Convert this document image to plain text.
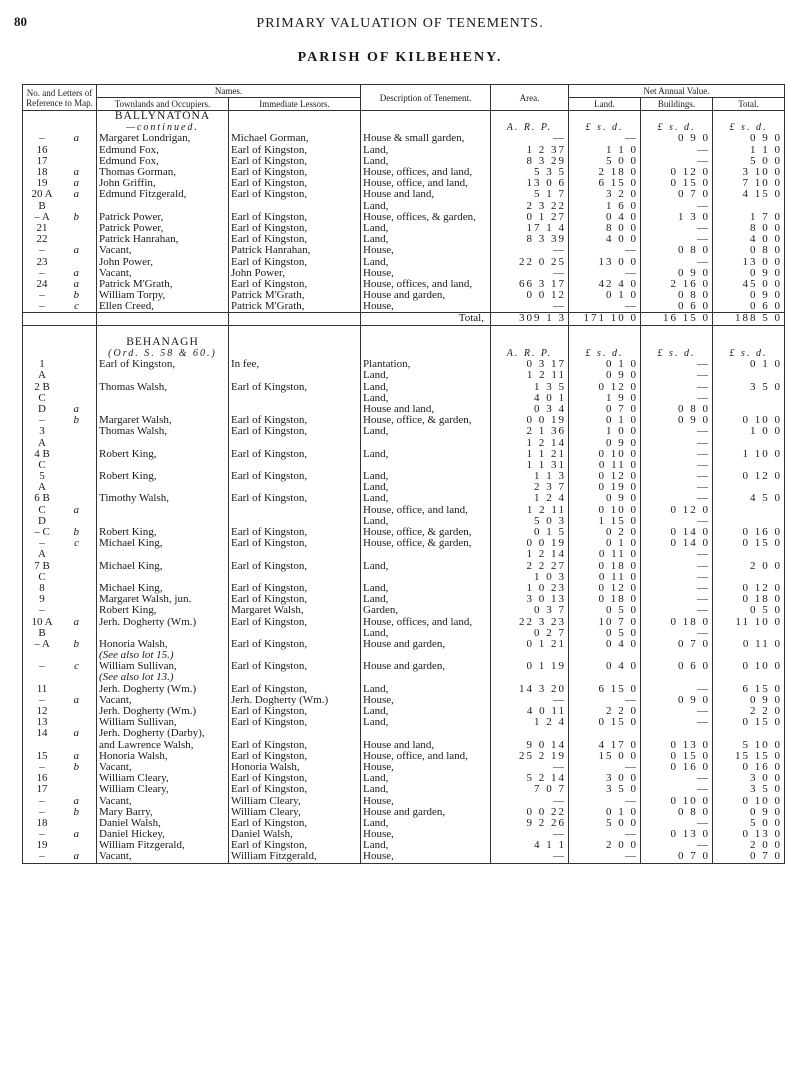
80	PRIMARY VALUATION OF TENEMENTS.
PARISH OF KILBEHENY.
No. and Letters of Reference to Map.	Names.		Description of Tenement.	Area.	Net Annual Value.		
	Townlands and Occupiers.	Immediate Lessors.			Land.	Buildings.	Total.
	BALLYNATONA						
	—continued.			A. R. P.	£ s. d.	£ s. d.	£ s. d.
– a	Margaret Londrigan,	Michael Gorman,	House & small garden,	—	—	0 9 0	0 9 0
16	Edmund Fox,	Earl of Kingston,	Land,	1 2 37	1 1 0	—	1 1 0
17	Edmund Fox,	Earl of Kingston,	Land,	8 3 29	5 0 0	—	5 0 0
18 a	Thomas Gorman,	Earl of Kingston,	House, offices, and land,	5 3 5	2 18 0	0 12 0	3 10 0
19 a	John Griffin,	Earl of Kingston,	House, office, and land,	13 0 6	6 15 0	0 15 0	7 10 0
20 A a	Edmund Fitzgerald,	Earl of Kingston,	House and land,	5 1 7	3 2 0	0 7 0	4 15 0
B			Land,	2 3 22	1 6 0	—	
– A b	Patrick Power,	Earl of Kingston,	House, offices, & garden,	0 1 27	0 4 0	1 3 0	1 7 0
21	Patrick Power,	Earl of Kingston,	Land,	17 1 4	8 0 0	—	8 0 0
22	Patrick Hanrahan,	Earl of Kingston,	Land,	8 3 39	4 0 0	—	4 0 0
– a	Vacant,	Patrick Hanrahan,	House,	—	—	0 8 0	0 8 0
23	John Power,	Earl of Kingston,	Land,	22 0 25	13 0 0	—	13 0 0
– a	Vacant,	John Power,	House,	—	—	0 9 0	0 9 0
24 a	Patrick M'Grath,	Earl of Kingston,	House, offices, and land,	66 3 17	42 4 0	2 16 0	45 0 0
– b	William Torpy,	Patrick M'Grath,	House and garden,	0 0 12	0 1 0	0 8 0	0 9 0
– c	Ellen Creed,	Patrick M'Grath,	House,	—	—	0 6 0	0 6 0
			Total,	309 1 3	171 10 0	16 15 0	188 5 0

	BEHANAGH						
	(Ord. S. 58 & 60.)			A. R. P.	£ s. d.	£ s. d.	£ s. d.
1	Earl of Kingston,	In fee,	Plantation,	0 3 17	0 1 0	—	0 1 0
A			Land,	1 2 11	0 9 0	—	
2 B	Thomas Walsh,	Earl of Kingston,	Land,	1 3 5	0 12 0	—	3 5 0
C			Land,	4 0 1	1 9 0	—	
D a			House and land,	0 3 4	0 7 0	0 8 0	
– b	Margaret Walsh,	Earl of Kingston,	House, office, & garden,	0 0 19	0 1 0	0 9 0	0 10 0
3	Thomas Walsh,	Earl of Kingston,	Land,	2 1 36	1 0 0	—	1 0 0
A				1 2 14	0 9 0	—	
4 B	Robert King,	Earl of Kingston,	Land,	1 1 21	0 10 0	—	1 10 0
C				1 1 31	0 11 0	—	
5	Robert King,	Earl of Kingston,	Land,	1 1 3	0 12 0	—	0 12 0
A			Land,	2 3 7	0 19 0	—	
6 B	Timothy Walsh,	Earl of Kingston,	Land,	1 2 4	0 9 0	—	4 5 0
C a			House, office, and land,	1 2 11	0 10 0	0 12 0	
D			Land,	5 0 3	1 15 0	—	
– C b	Robert King,	Earl of Kingston,	House, office, & garden,	0 1 5	0 2 0	0 14 0	0 16 0
– c	Michael King,	Earl of Kingston,	House, office, & garden,	0 0 19	0 1 0	0 14 0	0 15 0
A				1 2 14	0 11 0	—	
7 B	Michael King,	Earl of Kingston,	Land,	2 2 27	0 18 0	—	2 0 0
C				1 0 3	0 11 0	—	
8	Michael King,	Earl of Kingston,	Land,	1 0 23	0 12 0	—	0 12 0
9	Margaret Walsh, jun.	Earl of Kingston,	Land,	3 0 13	0 18 0	—	0 18 0
–	Robert King,	Margaret Walsh,	Garden,	0 3 7	0 5 0	—	0 5 0
10 A a	Jerh. Dogherty (Wm.)	Earl of Kingston,	House, offices, and land,	22 3 23	10 7 0	0 18 0	11 10 0
B			Land,	0 2 7	0 5 0	—	
– A b	Honoria Walsh,	Earl of Kingston,	House and garden,	0 1 21	0 4 0	0 7 0	0 11 0
	(See also lot 15.)						
– c	William Sullivan,	Earl of Kingston,	House and garden,	0 1 19	0 4 0	0 6 0	0 10 0
	(See also lot 13.)						
11	Jerh. Dogherty (Wm.)	Earl of Kingston,	Land,	14 3 20	6 15 0	—	6 15 0
– a	Vacant,	Jerh. Dogherty (Wm.)	House,	—	—	0 9 0	0 9 0
12	Jerh. Dogherty (Wm.)	Earl of Kingston,	Land,	4 0 11	2 2 0	—	2 2 0
13	William Sullivan,	Earl of Kingston,	Land,	1 2 4	0 15 0	—	0 15 0
14 a	Jerh. Dogherty (Darby),						
	and Lawrence Walsh,	Earl of Kingston,	House and land,	9 0 14	4 17 0	0 13 0	5 10 0
15 a	Honoria Walsh,	Earl of Kingston,	House, office, and land,	25 2 19	15 0 0	0 15 0	15 15 0
– b	Vacant,	Honoria Walsh,	House,	—	—	0 16 0	0 16 0
16	William Cleary,	Earl of Kingston,	Land,	5 2 14	3 0 0	—	3 0 0
17	William Cleary,	Earl of Kingston,	Land,	7 0 7	3 5 0	—	3 5 0
– a	Vacant,	William Cleary,	House,	—	—	0 10 0	0 10 0
– b	Mary Barry,	William Cleary,	House and garden,	0 0 22	0 1 0	0 8 0	0 9 0
18	Daniel Walsh,	Earl of Kingston,	Land,	9 2 26	5 0 0	—	5 0 0
– a	Daniel Hickey,	Daniel Walsh,	House,	—	—	0 13 0	0 13 0
19	William Fitzgerald,	Earl of Kingston,	Land,	4 1 1	2 0 0	—	2 0 0
– a	Vacant,	William Fitzgerald,	House,	—	—	0 7 0	0 7 0
